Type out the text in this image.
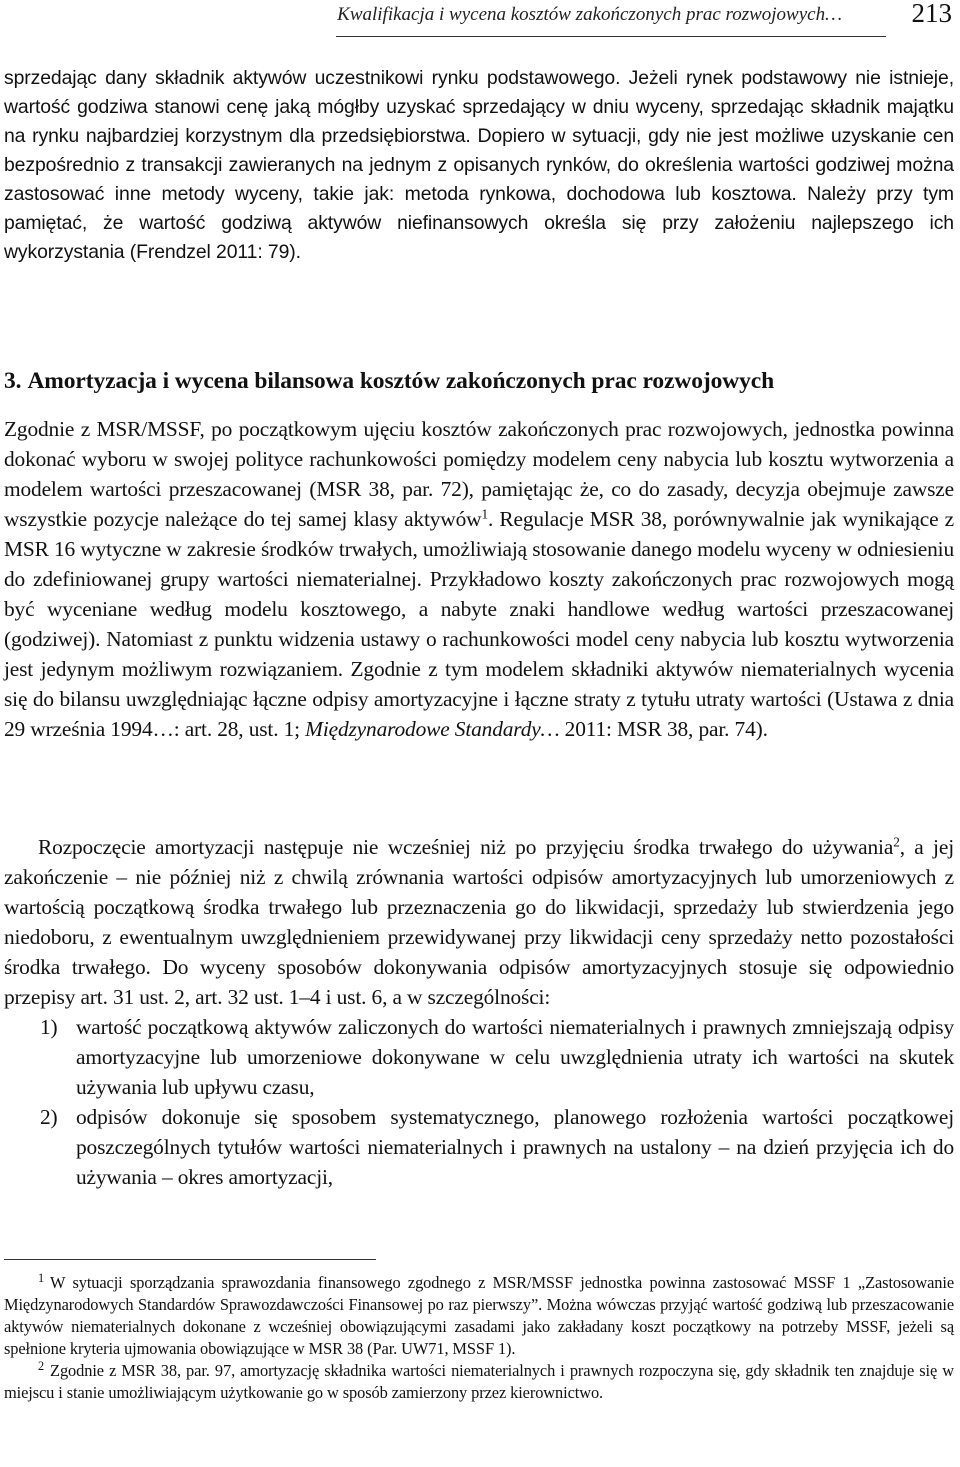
Kwalifikacja i wycena kosztów zakończonych prac rozwojowych…	213

sprzedając dany składnik aktywów uczestnikowi rynku podstawowego. Jeżeli rynek podstawowy nie istnieje, wartość godziwa stanowi cenę jaką mógłby uzyskać sprzedający w dniu wyceny, sprzedając składnik majątku na rynku najbardziej korzystnym dla przedsiębiorstwa. Dopiero w sytuacji, gdy nie jest możliwe uzyskanie cen bezpośrednio z transakcji zawieranych na jednym z opisanych rynków, do określenia wartości godziwej można zastosować inne metody wyceny, takie jak: metoda rynkowa, dochodowa lub kosztowa. Należy przy tym pamiętać, że wartość godziwą aktywów niefinansowych określa się przy założeniu najlepszego ich wykorzystania (Frendzel 2011: 79).

3. Amortyzacja i wycena bilansowa kosztów zakończonych prac rozwojowych

Zgodnie z MSR/MSSF, po początkowym ujęciu kosztów zakończonych prac rozwojowych, jednostka powinna dokonać wyboru w swojej polityce rachunkowości pomiędzy modelem ceny nabycia lub kosztu wytworzenia a modelem wartości przeszacowanej (MSR 38, par. 72), pamiętając że, co do zasady, decyzja obejmuje zawsze wszystkie pozycje należące do tej samej klasy aktywów$^1$. Regulacje MSR 38, porównywalnie jak wynikające z MSR 16 wytyczne w zakresie środków trwałych, umożliwiają stosowanie danego modelu wyceny w odniesieniu do zdefiniowanej grupy wartości niematerialnej. Przykładowo koszty zakończonych prac rozwojowych mogą być wyceniane według modelu kosztowego, a nabyte znaki handlowe według wartości przeszacowanej (godziwej). Natomiast z punktu widzenia ustawy o rachunkowości model ceny nabycia lub kosztu wytworzenia jest jedynym możliwym rozwiązaniem. Zgodnie z tym modelem składniki aktywów niematerialnych wycenia się do bilansu uwzględniając łączne odpisy amortyzacyjne i łączne straty z tytułu utraty wartości (Ustawa z dnia 29 września 1994…: art. 28, ust. 1; Międzynarodowe Standardy… 2011: MSR 38, par. 74).

Rozpoczęcie amortyzacji następuje nie wcześniej niż po przyjęciu środka trwałego do używania$^2$, a jej zakończenie – nie później niż z chwilą zrównania wartości odpisów amortyzacyjnych lub umorzeniowych z wartością początkową środka trwałego lub przeznaczenia go do likwidacji, sprzedaży lub stwierdzenia jego niedoboru, z ewentualnym uwzględnieniem przewidywanej przy likwidacji ceny sprzedaży netto pozostałości środka trwałego. Do wyceny sposobów dokonywania odpisów amortyzacyjnych stosuje się odpowiednio przepisy art. 31 ust. 2, art. 32 ust. 1–4 i ust. 6, a w szczególności:

1) wartość początkową aktywów zaliczonych do wartości niematerialnych i prawnych zmniejszają odpisy amortyzacyjne lub umorzeniowe dokonywane w celu uwzględnienia utraty ich wartości na skutek używania lub upływu czasu,
2) odpisów dokonuje się sposobem systematycznego, planowego rozłożenia wartości początkowej poszczególnych tytułów wartości niematerialnych i prawnych na ustalony – na dzień przyjęcia ich do używania – okres amortyzacji,

$^1$ W sytuacji sporządzania sprawozdania finansowego zgodnego z MSR/MSSF jednostka powinna zastosować MSSF 1 „Zastosowanie Międzynarodowych Standardów Sprawozdawczości Finansowej po raz pierwszy”. Można wówczas przyjąć wartość godziwą lub przeszacowanie aktywów niematerialnych dokonane z wcześniej obowiązującymi zasadami jako zakładany koszt początkowy na potrzeby MSSF, jeżeli są spełnione kryteria ujmowania obowiązujące w MSR 38 (Par. UW71, MSSF 1).

$^2$ Zgodnie z MSR 38, par. 97, amortyzację składnika wartości niematerialnych i prawnych rozpoczyna się, gdy składnik ten znajduje się w miejscu i stanie umożliwiającym użytkowanie go w sposób zamierzony przez kierownictwo.
